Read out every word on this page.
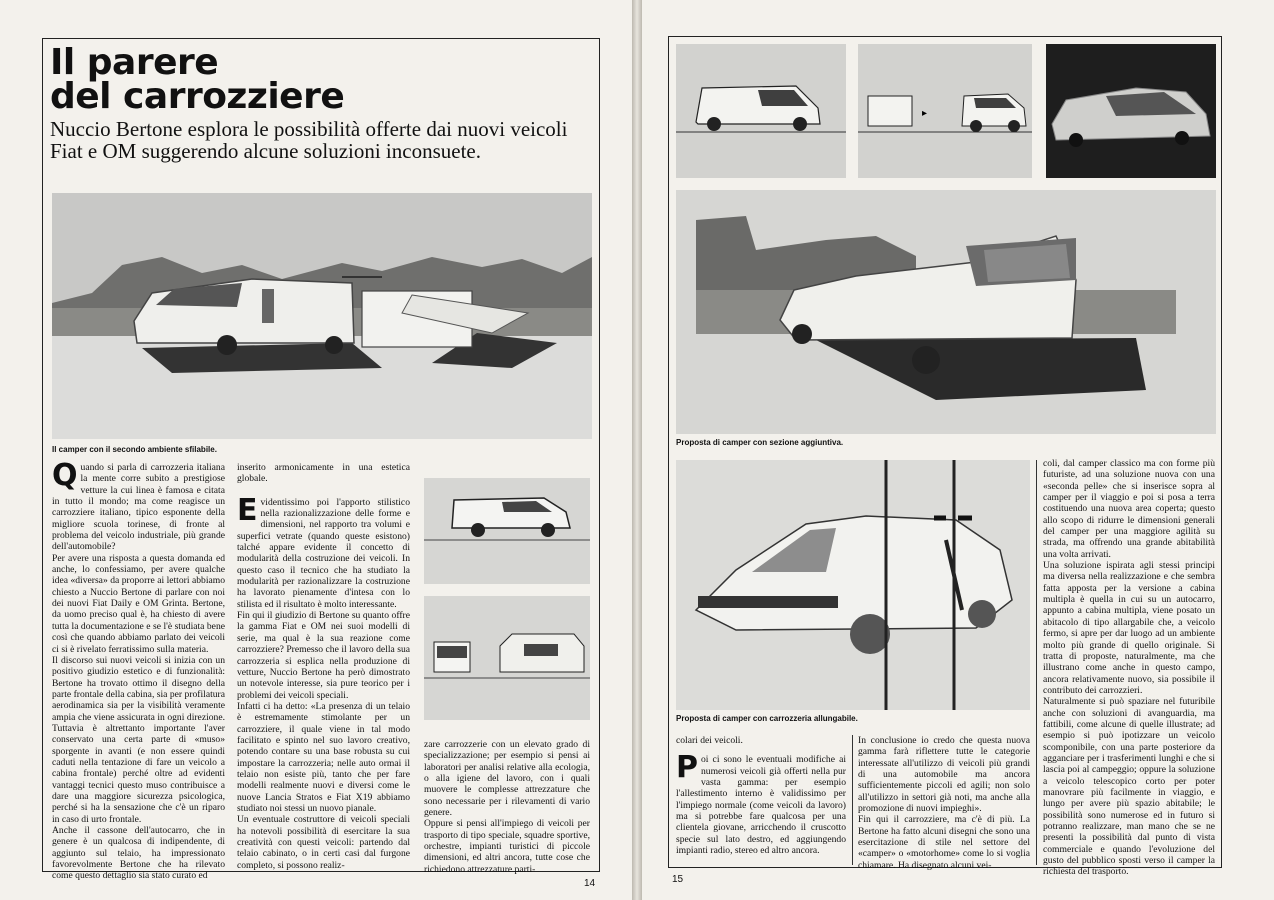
Il parere
del carrozziere

Nuccio Bertone esplora le possibilità offerte dai nuovi veicoli Fiat e OM suggerendo alcune soluzioni inconsuete.

Il camper con il secondo ambiente sfilabile.

Quando si parla di carrozzeria italiana la mente corre subito a prestigiose vetture la cui linea è famosa e citata in tutto il mondo; ma come reagisce un carrozziere italiano, tipico esponente della migliore scuola torinese, di fronte al problema del veicolo industriale, più grande dell'automobile?

Per avere una risposta a questa domanda ed anche, lo confessiamo, per avere qualche idea «diversa» da proporre ai lettori abbiamo chiesto a Nuccio Bertone di parlare con noi dei nuovi Fiat Daily e OM Grinta. Bertone, da uomo preciso qual è, ha chiesto di avere tutta la documentazione e se l'è studiata bene così che quando abbiamo parlato dei veicoli ci si è rivelato ferratissimo sulla materia.

Il discorso sui nuovi veicoli si inizia con un positivo giudizio estetico e di funzionalità: Bertone ha trovato ottimo il disegno della parte frontale della cabina, sia per profilatura aerodinamica sia per la visibilità veramente ampia che viene assicurata in ogni direzione. Tuttavia è altrettanto importante l'aver conservato una certa parte di «muso» sporgente in avanti (e non essere quindi caduti nella tentazione di fare un veicolo a cabina frontale) perché oltre ad evidenti vantaggi tecnici questo muso contribuisce a dare una maggiore sicurezza psicologica, perché si ha la sensazione che c'è un riparo in caso di urto frontale.

Anche il cassone dell'autocarro, che in genere è un qualcosa di indipendente, di aggiunto sul telaio, ha impressionato favorevolmente Bertone che ha rilevato come questo dettaglio sia stato curato ed

inserito armonicamente in una estetica globale.

Evidentissimo poi l'apporto stilistico nella razionalizzazione delle forme e dimensioni, nel rapporto tra volumi e superfici vetrate (quando queste esistono) talché appare evidente il concetto di modularità della costruzione dei veicoli. In questo caso il tecnico che ha studiato la modularità per razionalizzare la costruzione ha lavorato pienamente d'intesa con lo stilista ed il risultato è molto interessante.

Fin qui il giudizio di Bertone su quanto offre la gamma Fiat e OM nei suoi modelli di serie, ma qual è la sua reazione come carrozziere? Premesso che il lavoro della sua carrozzeria si esplica nella produzione di vetture, Nuccio Bertone ha però dimostrato un notevole interesse, sia pure teorico per i problemi dei veicoli speciali.

Infatti ci ha detto: «La presenza di un telaio è estremamente stimolante per un carrozziere, il quale viene in tal modo facilitato e spinto nel suo lavoro creativo, potendo contare su una base robusta su cui impostare la carrozzeria; nelle auto ormai il telaio non esiste più, tanto che per fare modelli realmente nuovi e diversi come le nuove Lancia Stratos e Fiat X19 abbiamo studiato noi stessi un nuovo pianale.

Un eventuale costruttore di veicoli speciali ha notevoli possibilità di esercitare la sua creatività con questi veicoli: partendo dal telaio cabinato, o in certi casi dal furgone completo, si possono realiz-

zare carrozzerie con un elevato grado di specializzazione; per esempio si pensi ai laboratori per analisi relative alla ecologia, o alla igiene del lavoro, con i quali muovere le complesse attrezzature che sono necessarie per i rilevamenti di vario genere.

Oppure si pensi all'impiego di veicoli per trasporto di tipo speciale, squadre sportive, orchestre, impianti turistici di piccole dimensioni, ed altri ancora, tutte cose che richiedono attrezzature parti-

14
▸
Proposta di camper con sezione aggiuntiva.
Proposta di camper con carrozzeria allungabile.

colari dei veicoli.

Poi ci sono le eventuali modifiche ai numerosi veicoli già offerti nella pur vasta gamma: per esempio l'allestimento interno è validissimo per l'impiego normale (come veicoli da lavoro) ma si potrebbe fare qualcosa per una clientela giovane, arricchendo il cruscotto specie sul lato destro, ed aggiungendo impianti radio, stereo ed altro ancora.

In conclusione io credo che questa nuova gamma farà riflettere tutte le categorie interessate all'utilizzo di veicoli più grandi di una automobile ma ancora sufficientemente piccoli ed agili; non solo all'utilizzo in settori già noti, ma anche alla promozione di nuovi impieghi».

Fin qui il carrozziere, ma c'è di più. La Bertone ha fatto alcuni disegni che sono una esercitazione di stile nel settore del «camper» o «motorhome» come lo si voglia chiamare. Ha disegnato alcuni vei-

coli, dal camper classico ma con forme più futuriste, ad una soluzione nuova con una «seconda pelle» che si inserisce sopra al camper per il viaggio e poi si posa a terra costituendo una nuova area coperta; questo allo scopo di ridurre le dimensioni generali del camper per una maggiore agilità su strada, ma offrendo una grande abitabilità una volta arrivati.

Una soluzione ispirata agli stessi principi ma diversa nella realizzazione e che sembra fatta apposta per la versione a cabina multipla è quella in cui su un autocarro, appunto a cabina multipla, viene posato un abitacolo di tipo allargabile che, a veicolo fermo, si apre per dar luogo ad un ambiente molto più grande di quello originale. Si tratta di proposte, naturalmente, ma che illustrano come anche in questo campo, ancora relativamente nuovo, sia possibile il contributo dei carrozzieri.

Naturalmente si può spaziare nel futuribile anche con soluzioni di avanguardia, ma fattibili, come alcune di quelle illustrate; ad esempio si può ipotizzare un veicolo scomponibile, con una parte posteriore da agganciare per i trasferimenti lunghi e che si lascia poi al campeggio; oppure la soluzione a veicolo telescopico corto per poter manovrare più facilmente in viaggio, e lungo per avere più spazio abitabile; le possibilità sono numerose ed in futuro si potranno realizzare, man mano che se ne presenti la possibilità dal punto di vista commerciale e quando l'evoluzione del gusto del pubblico sposti verso il camper la richiesta del trasporto.

15
